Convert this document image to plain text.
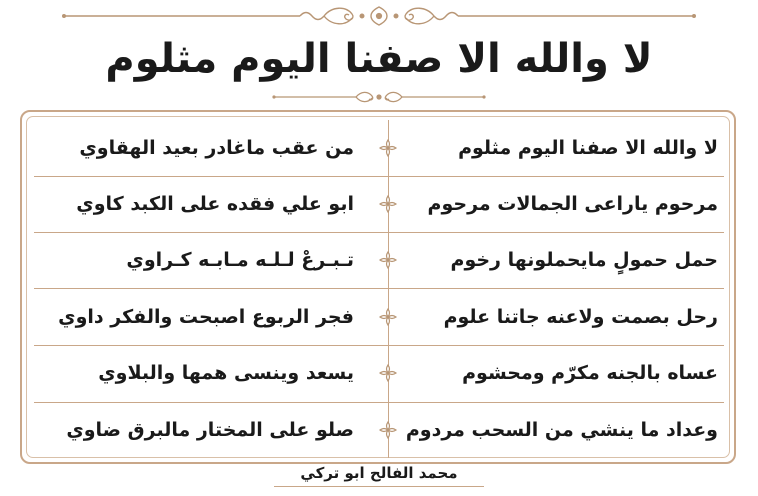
لا والله الا صفنا اليوم مثلوم
لا والله الا صفنا اليوم مثلوم
من عقب ماغادر بعيد الهقاوي
مرحوم ياراعى الجمالات مرحوم
ابو علي فقده على الكبد كاوي
حمل حمولٍ مايحملونها رخوم
تـبـرعْ لـلـه مـابـه كـراوي
رحل بصمت ولاعنه جاتنا علوم
فجر الربوع اصبحت والفكر داوي
عساه بالجنه مكرّم ومحشوم
يسعد وينسى همها والبلاوي
وعداد ما ينشي من السحب مردوم
صلو على المختار مالبرق ضاوي
محمد الفالح ابو تركي
